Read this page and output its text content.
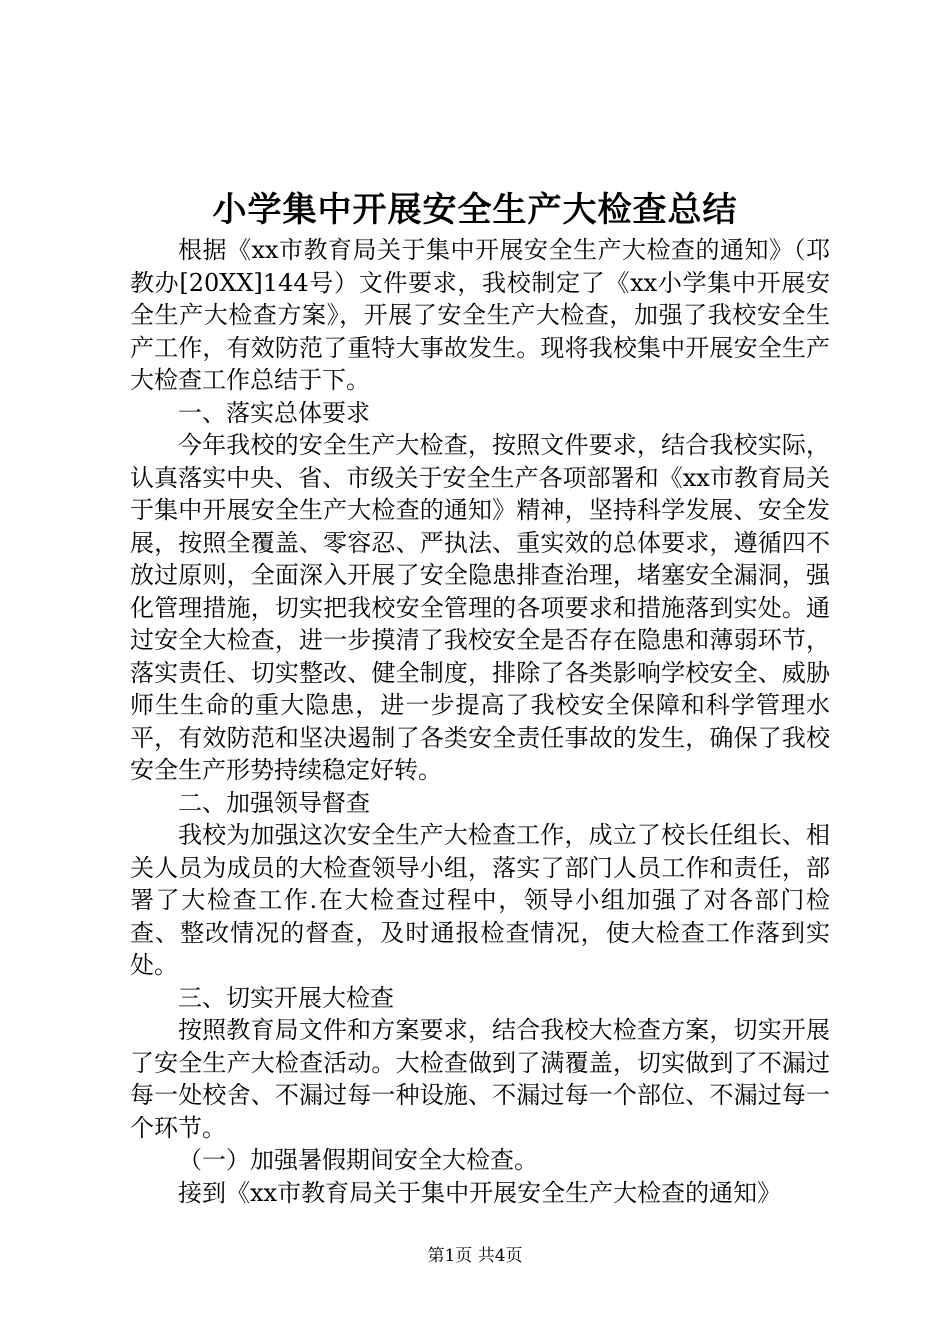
小学集中开展安全生产大检查总结

根据《xx市教育局关于集中开展安全生产大检查的通知》（邛教办[20XX]144号）文件要求，我校制定了《xx小学集中开展安全生产大检查方案》，开展了安全生产大检查，加强了我校安全生产工作，有效防范了重特大事故发生。现将我校集中开展安全生产大检查工作总结于下。

一、落实总体要求

今年我校的安全生产大检查，按照文件要求，结合我校实际，认真落实中央、省、市级关于安全生产各项部署和《xx市教育局关于集中开展安全生产大检查的通知》精神，坚持科学发展、安全发展，按照全覆盖、零容忍、严执法、重实效的总体要求，遵循四不放过原则，全面深入开展了安全隐患排查治理，堵塞安全漏洞，强化管理措施，切实把我校安全管理的各项要求和措施落到实处。通过安全大检查，进一步摸清了我校安全是否存在隐患和薄弱环节，落实责任、切实整改、健全制度，排除了各类影响学校安全、威胁师生生命的重大隐患，进一步提高了我校安全保障和科学管理水平，有效防范和坚决遏制了各类安全责任事故的发生，确保了我校安全生产形势持续稳定好转。

二、加强领导督查

我校为加强这次安全生产大检查工作，成立了校长任组长、相关人员为成员的大检查领导小组，落实了部门人员工作和责任，部署了大检查工作.在大检查过程中，领导小组加强了对各部门检查、整改情况的督查，及时通报检查情况，使大检查工作落到实处。

三、切实开展大检查

按照教育局文件和方案要求，结合我校大检查方案，切实开展了安全生产大检查活动。大检查做到了满覆盖，切实做到了不漏过每一处校舍、不漏过每一种设施、不漏过每一个部位、不漏过每一个环节。

（一）加强暑假期间安全大检查。

接到《xx市教育局关于集中开展安全生产大检查的通知》

第1页 共4页
